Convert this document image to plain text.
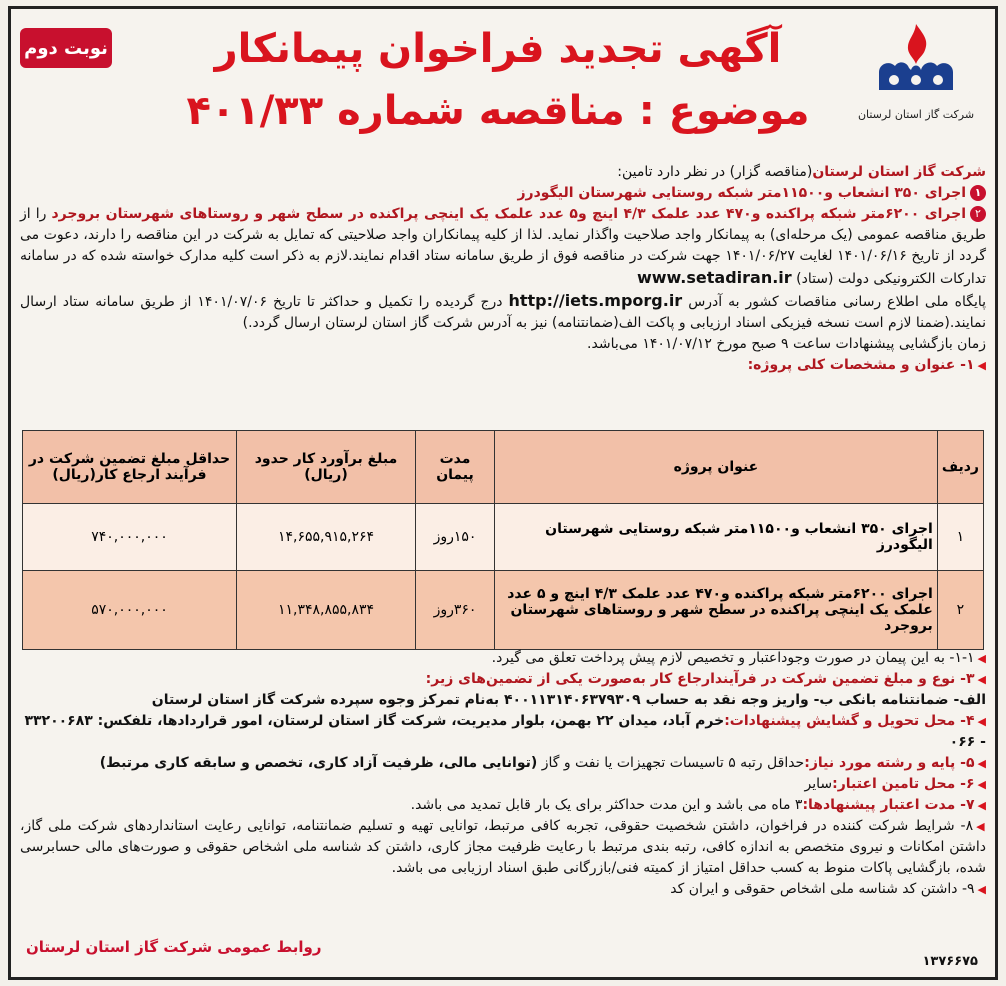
نوبت دوم
شرکت گاز استان لرستان
آگهی تجدید فراخوان پیمانکار
موضوع : مناقصه شماره ۴۰۱/۳۳

شرکت گاز استان لرستان(مناقصه گزار) در نظر دارد تامین:

۱اجرای ۳۵۰ انشعاب و۱۱۵۰۰متر شبکه روستایی شهرستان الیگودرز

۲اجرای ۶۲۰۰متر شبکه پراکنده و۴۷۰ عدد علمک ۴/۳ اینچ و۵ عدد علمک یک اینچی پراکنده در سطح شهر و روستاهای شهرستان بروجرد را از طریق مناقصه عمومی (یک مرحله‌ای) به پیمانکار واجد صلاحیت واگذار نماید. لذا از کلیه پیمانکاران واجد صلاحیتی که تمایل به شرکت در این مناقصه را دارند، دعوت می گردد از تاریخ ۱۴۰۱/۰۶/۱۶ لغایت ۱۴۰۱/۰۶/۲۷ جهت شرکت در مناقصه فوق از طریق سامانه ستاد اقدام نمایند.لازم به ذکر است کلیه مدارک خواسته شده که در سامانه تدارکات الکترونیکی دولت (ستاد) www.setadiran.ir

پایگاه ملی اطلاع رسانی مناقصات کشور به آدرس http://iets.mporg.ir درج گردیده را تکمیل و حداکثر تا تاریخ ۱۴۰۱/۰۷/۰۶ از طریق سامانه ستاد ارسال نمایند.(ضمنا لازم است نسخه فیزیکی اسناد ارزیابی و پاکت الف(ضمانتنامه) نیز به آدرس شرکت گاز استان لرستان ارسال گردد.)

زمان بازگشایی پیشنهادات ساعت ۹ صبح مورخ ۱۴۰۱/۰۷/۱۲ می‌باشد.

◀۱- عنوان و مشخصات کلی پروژه:

ردیف	عنوان پروژه	مدت پیمان	مبلغ برآورد کار حدود (ریال)	حداقل مبلغ تضمین شرکت در فرآیند ارجاع کار(ریال)
۱	اجرای ۳۵۰ انشعاب و۱۱۵۰۰متر شبکه روستایی شهرستان الیگودرز	۱۵۰روز	۱۴,۶۵۵,۹۱۵,۲۶۴	۷۴۰,۰۰۰,۰۰۰
۲	اجرای ۶۲۰۰متر شبکه پراکنده و۴۷۰ عدد علمک ۴/۳ اینچ و ۵ عدد علمک یک اینچی پراکنده در سطح شهر و روستاهای شهرستان بروجرد	۳۶۰روز	۱۱,۳۴۸,۸۵۵,۸۳۴	۵۷۰,۰۰۰,۰۰۰

◀۱-۱- به این پیمان در صورت وجوداعتبار و تخصیص لازم پیش پرداخت تعلق می گیرد.

◀۳- نوع و مبلغ تضمین شرکت در فرآیندارجاع کار به‌صورت یکی از تضمین‌های زیر:

الف- ضمانتنامه بانکی ب- واریز وجه نقد به حساب ۴۰۰۱۱۳۱۴۰۶۳۷۹۳۰۹ به‌نام تمرکز وجوه سپرده شرکت گاز استان لرستان

◀۴- محل تحویل و گشایش پیشنهادات:خرم آباد، میدان ۲۲ بهمن، بلوار مدیریت، شرکت گاز استان لرستان، امور قراردادها، تلفکس: ۳۳۲۰۰۶۸۳ - ۰۶۶

◀۵- پایه و رشته مورد نیاز:حداقل رتبه ۵ تاسیسات تجهیزات یا نفت و گاز (توانایی مالی، ظرفیت آزاد کاری، تخصص و سابقه کاری مرتبط)

◀۶- محل تامین اعتبار:سایر

◀۷- مدت اعتبار پیشنهادها:۳ ماه می باشد و این مدت حداکثر برای یک بار قابل تمدید می باشد.

◀۸- شرایط شرکت کننده در فراخوان، داشتن شخصیت حقوقی، تجربه کافی مرتبط، توانایی تهیه و تسلیم ضمانتنامه، توانایی رعایت استانداردهای شرکت ملی گاز، داشتن امکانات و نیروی متخصص به اندازه کافی، رتبه بندی مرتبط با رعایت ظرفیت مجاز کاری، داشتن کد شناسه ملی اشخاص حقوقی و صورت‌های مالی حسابرسی شده، بازگشایی پاکات منوط به کسب حداقل امتیاز از کمیته فنی/بازرگانی طبق اسناد ارزیابی می باشد.

◀۹- داشتن کد شناسه ملی اشخاص حقوقی و ایران کد

روابط عمومی شرکت گاز استان لرستان
۱۳۷۶۶۷۵
